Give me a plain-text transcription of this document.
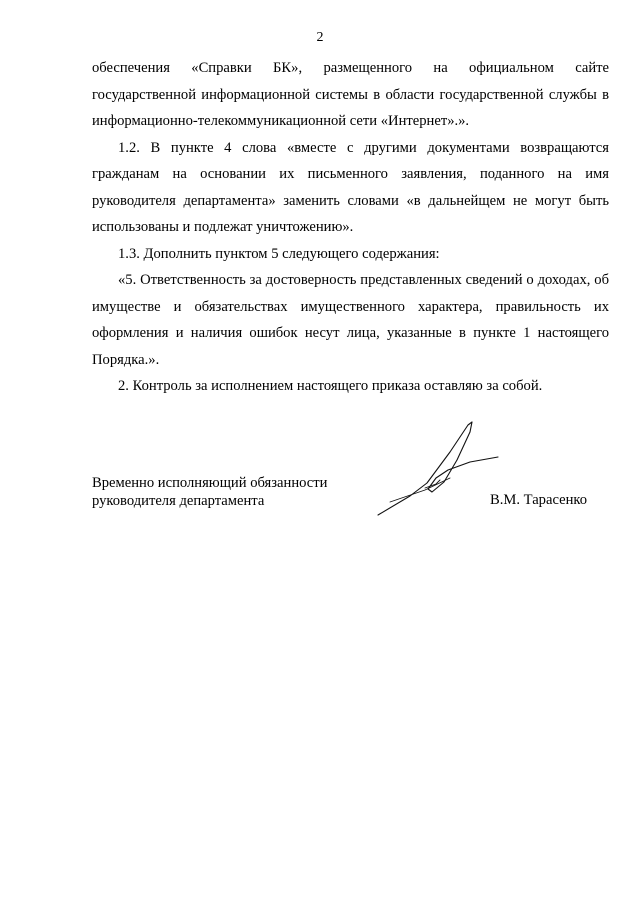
2

обеспечения «Справки БК», размещенного на официальном сайте государственной информационной системы в области государственной службы в информационно-телекоммуникационной сети «Интернет».».

1.2. В пункте 4 слова «вместе с другими документами возвращаются гражданам на основании их письменного заявления, поданного на имя руководителя департамента» заменить словами «в дальнейщем не могут быть использованы и подлежат уничтожению».

1.3. Дополнить пунктом 5 следующего содержания:

«5. Ответственность за достоверность представленных сведений о доходах, об имуществе и обязательствах имущественного характера, правильность их оформления и наличия ошибок несут лица, указанные в пункте 1 настоящего Порядка.».

2. Контроль за исполнением настоящего приказа оставляю за собой.

Временно исполняющий обязанности
руководителя департамента	В.М. Тарасенко
